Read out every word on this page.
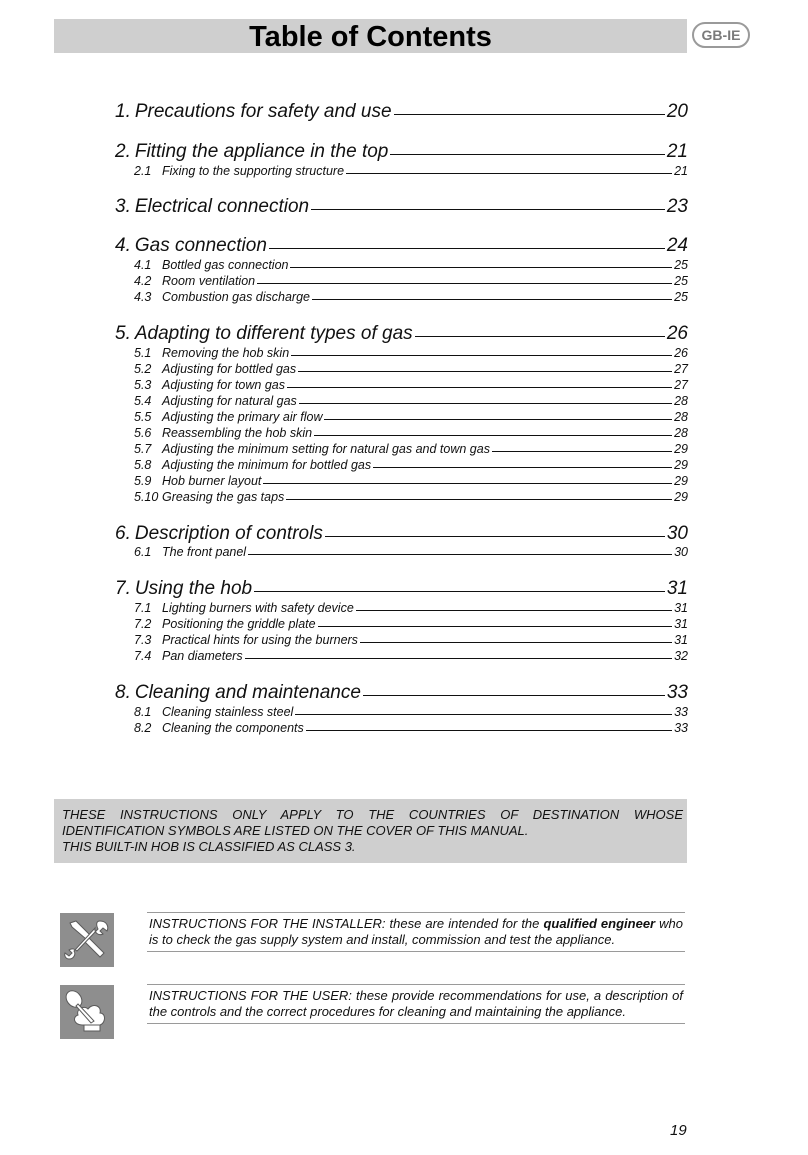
Table of Contents	GB-IE
1. Precautions for safety and use	20
2. Fitting the appliance in the top	21
2.1 Fixing to the supporting structure	21
3. Electrical connection	23
4. Gas connection	24
4.1 Bottled gas connection	25
4.2 Room ventilation	25
4.3 Combustion gas discharge	25
5. Adapting to different types of gas	26
5.1 Removing the hob skin	26
5.2 Adjusting for bottled gas	27
5.3 Adjusting for town gas	27
5.4 Adjusting for natural gas	28
5.5 Adjusting the primary air flow	28
5.6 Reassembling the hob skin	28
5.7 Adjusting the minimum setting for natural gas and town gas	29
5.8 Adjusting the minimum for bottled gas	29
5.9 Hob burner layout	29
5.10 Greasing the gas taps	29
6. Description of controls	30
6.1 The front panel	30
7. Using the hob	31
7.1 Lighting burners with safety device	31
7.2 Positioning the griddle plate	31
7.3 Practical hints for using the burners	31
7.4 Pan diameters	32
8. Cleaning and maintenance	33
8.1 Cleaning stainless steel	33
8.2 Cleaning the components	33

THESE INSTRUCTIONS ONLY APPLY TO THE COUNTRIES OF DESTINATION WHOSE

IDENTIFICATION SYMBOLS ARE LISTED ON THE COVER OF THIS MANUAL.

THIS BUILT-IN HOB IS CLASSIFIED AS CLASS 3.

INSTRUCTIONS FOR THE INSTALLER: these are intended for the qualified engineer who is to check the gas supply system and install, commission and test the appliance.
INSTRUCTIONS FOR THE USER: these provide recommendations for use, a description of the controls and the correct procedures for cleaning and maintaining the appliance.
19
